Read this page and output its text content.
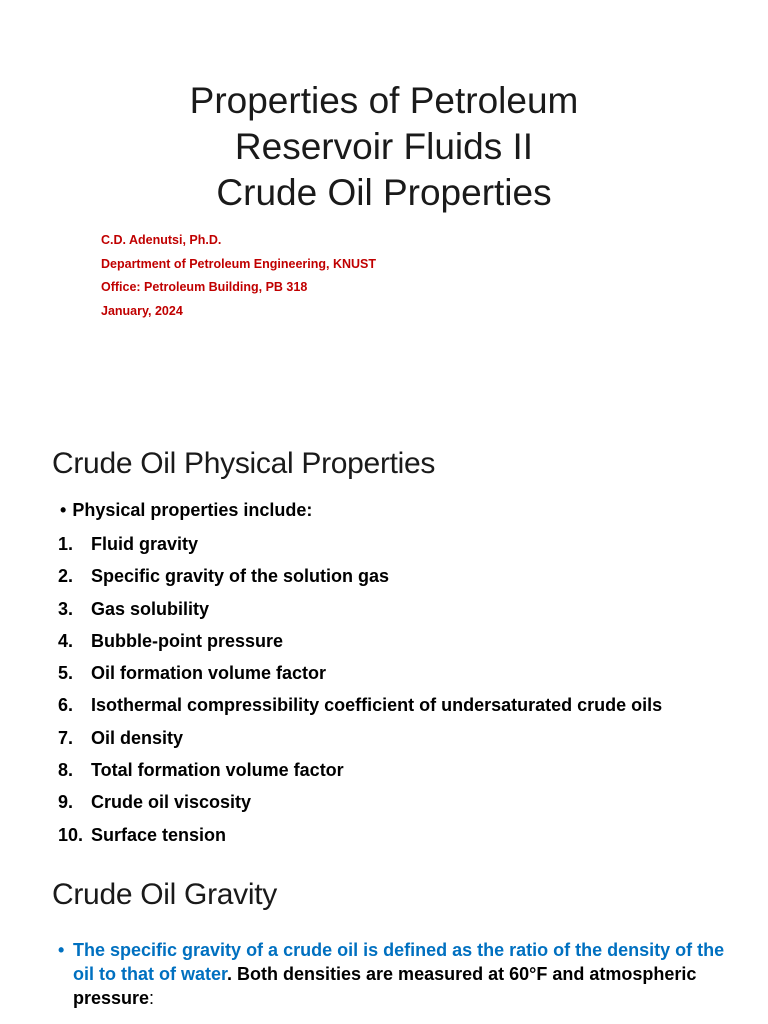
Properties of Petroleum
Reservoir Fluids II
Crude Oil Properties
C.D. Adenutsi, Ph.D.
Department of Petroleum Engineering, KNUST
Office: Petroleum Building, PB 318
January, 2024
Crude Oil Physical Properties
• Physical properties include:
1. Fluid gravity
2. Specific gravity of the solution gas
3. Gas solubility
4. Bubble-point pressure
5. Oil formation volume factor
6. Isothermal compressibility coefficient of undersaturated crude oils
7. Oil density
8. Total formation volume factor
9. Crude oil viscosity
10. Surface tension
Crude Oil Gravity
• The specific gravity of a crude oil is defined as the ratio of the density of the oil to that of water. Both densities are measured at 60°F and atmospheric pressure:
